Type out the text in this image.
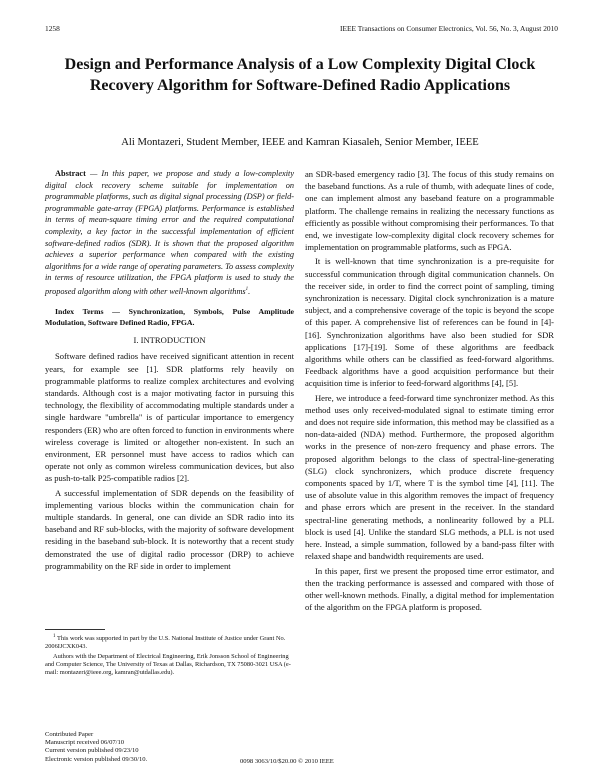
1258	IEEE Transactions on Consumer Electronics, Vol. 56, No. 3, August 2010
Design and Performance Analysis of a Low Complexity Digital Clock Recovery Algorithm for Software-Defined Radio Applications
Ali Montazeri, Student Member, IEEE and Kamran Kiasaleh, Senior Member, IEEE
Abstract — In this paper, we propose and study a low-complexity digital clock recovery scheme suitable for implementation on programmable platforms, such as digital signal processing (DSP) or field-programmable gate-array (FPGA) platforms. Performance is established in terms of mean-square timing error and the required computational complexity, a key factor in the successful implementation of efficient software-defined radios (SDR). It is shown that the proposed algorithm achieves a superior performance when compared with the existing algorithms for a wide range of operating parameters. To assess complexity in terms of resource utilization, the FPGA platform is used to study the proposed algorithm along with other well-known algorithms$^1$.
Index Terms — Synchronization, Symbols, Pulse Amplitude Modulation, Software Defined Radio, FPGA.
I. INTRODUCTION

Software defined radios have received significant attention in recent years, for example see [1]. SDR platforms rely heavily on programmable platforms to realize complex architectures and evolving standards. Although cost is a major motivating factor in pursuing this technology, the flexibility of accommodating multiple standards under a single hardware "umbrella" is of particular importance to emergency responders (ER) who are often forced to function in environments where wireless coverage is limited or altogether non-existent. In such an environment, ER personnel must have access to radios which can operate not only as common wireless communication devices, but also as push-to-talk P25-compatible radios [2].

A successful implementation of SDR depends on the feasibility of implementing various blocks within the communication chain for multiple standards. In general, one can divide an SDR radio into its baseband and RF sub-blocks, with the majority of software development residing in the baseband sub-block. It is noteworthy that a recent study demonstrated the use of digital radio processor (DRP) to achieve programmability on the RF side in order to implement

$^1$ This work was supported in part by the U.S. National Institute of Justice under Grant No. 2006IJCXK043.

Authors with the Department of Electrical Engineering, Erik Jonsson School of Engineering and Computer Science, The University of Texas at Dallas, Richardson, TX 75080-3021 USA (e-mail: montazeri@ieee.org, kamran@utdallas.edu).

Contributed Paper
Manuscript received 06/07/10
Current version published 09/23/10
Electronic version published 09/30/10.	0098 3063/10/$20.00 © 2010 IEEE

an SDR-based emergency radio [3]. The focus of this study remains on the baseband functions. As a rule of thumb, with adequate lines of code, one can implement almost any baseband feature on a programmable platform. The challenge remains in realizing the necessary functions as efficiently as possible without compromising their performances. To that end, we investigate low-complexity digital clock recovery schemes for implementation on programmable platforms, such as FPGA.

It is well-known that time synchronization is a pre-requisite for successful communication through digital communication channels. On the receiver side, in order to find the correct point of sampling, timing synchronization is necessary. Digital clock synchronization is a mature subject, and a comprehensive coverage of the topic is beyond the scope of this paper. A comprehensive list of references can be found in [4]-[16]. Synchronization algorithms have also been studied for SDR applications [17]-[19]. Some of these algorithms are feedback algorithms while others can be classified as feed-forward algorithms. Feedback algorithms have a good acquisition performance but their acquisition time is inferior to feed-forward algorithms [4], [5].

Here, we introduce a feed-forward time synchronizer method. As this method uses only received-modulated signal to estimate timing error and does not require side information, this method may be classified as a non-data-aided (NDA) method. Furthermore, the proposed algorithm works in the presence of non-zero frequency and phase errors. The proposed algorithm belongs to the class of spectral-line-generating (SLG) clock synchronizers, which produce discrete frequency components spaced by 1/T, where T is the symbol time [4], [11]. The use of absolute value in this algorithm removes the impact of frequency and phase errors which are present in the receiver. In the standard spectral-line generating methods, a nonlinearity followed by a PLL block is used [4]. Unlike the standard SLG methods, a PLL is not used here. Instead, a simple summation, followed by a band-pass filter with relaxed shape and bandwidth requirements are used.

In this paper, first we present the proposed time error estimator, and then the tracking performance is assessed and compared with those of other well-known methods. Finally, a digital method for implementation of the algorithm on the FPGA platform is proposed.
